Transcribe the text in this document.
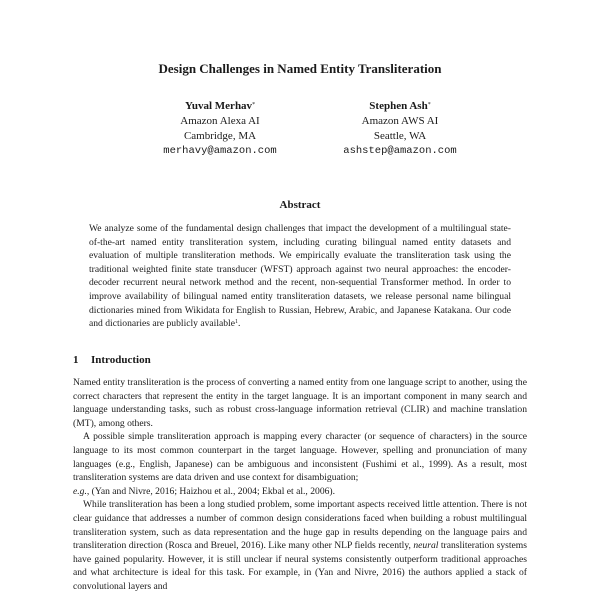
Design Challenges in Named Entity Transliteration
Yuval Merhav*
Amazon Alexa AI
Cambridge, MA
merhavy@amazon.com
Stephen Ash*
Amazon AWS AI
Seattle, WA
ashstep@amazon.com
Abstract

We analyze some of the fundamental design challenges that impact the development of a multilingual state-of-the-art named entity transliteration system, including curating bilingual named entity datasets and evaluation of multiple transliteration methods. We empirically evaluate the transliteration task using the traditional weighted finite state transducer (WFST) approach against two neural approaches: the encoder-decoder recurrent neural network method and the recent, non-sequential Transformer method. In order to improve availability of bilingual named entity transliteration datasets, we release personal name bilingual dictionaries mined from Wikidata for English to Russian, Hebrew, Arabic, and Japanese Katakana. Our code and dictionaries are publicly available$^1$.

1 Introduction

Named entity transliteration is the process of converting a named entity from one language script to another, using the correct characters that represent the entity in the target language. It is an important component in many search and language understanding tasks, such as robust cross-language information retrieval (CLIR) and machine translation (MT), among others.

A possible simple transliteration approach is mapping every character (or sequence of characters) in the source language to its most common counterpart in the target language. However, spelling and pronunciation of many languages (e.g., English, Japanese) can be ambiguous and inconsistent (Fushimi et al., 1999). As a result, most transliteration systems are data driven and use context for disambiguation;
e.g., (Yan and Nivre, 2016; Haizhou et al., 2004; Ekbal et al., 2006).

While transliteration has been a long studied problem, some important aspects received little attention. There is not clear guidance that addresses a number of common design considerations faced when building a robust multilingual transliteration system, such as data representation and the huge gap in results depending on the language pairs and transliteration direction (Rosca and Breuel, 2016). Like many other NLP fields recently, neural transliteration systems have gained popularity. However, it is still unclear if neural systems consistently outperform traditional approaches and what architecture is ideal for this task. For example, in (Yan and Nivre, 2016) the authors applied a stack of convolutional layers and
